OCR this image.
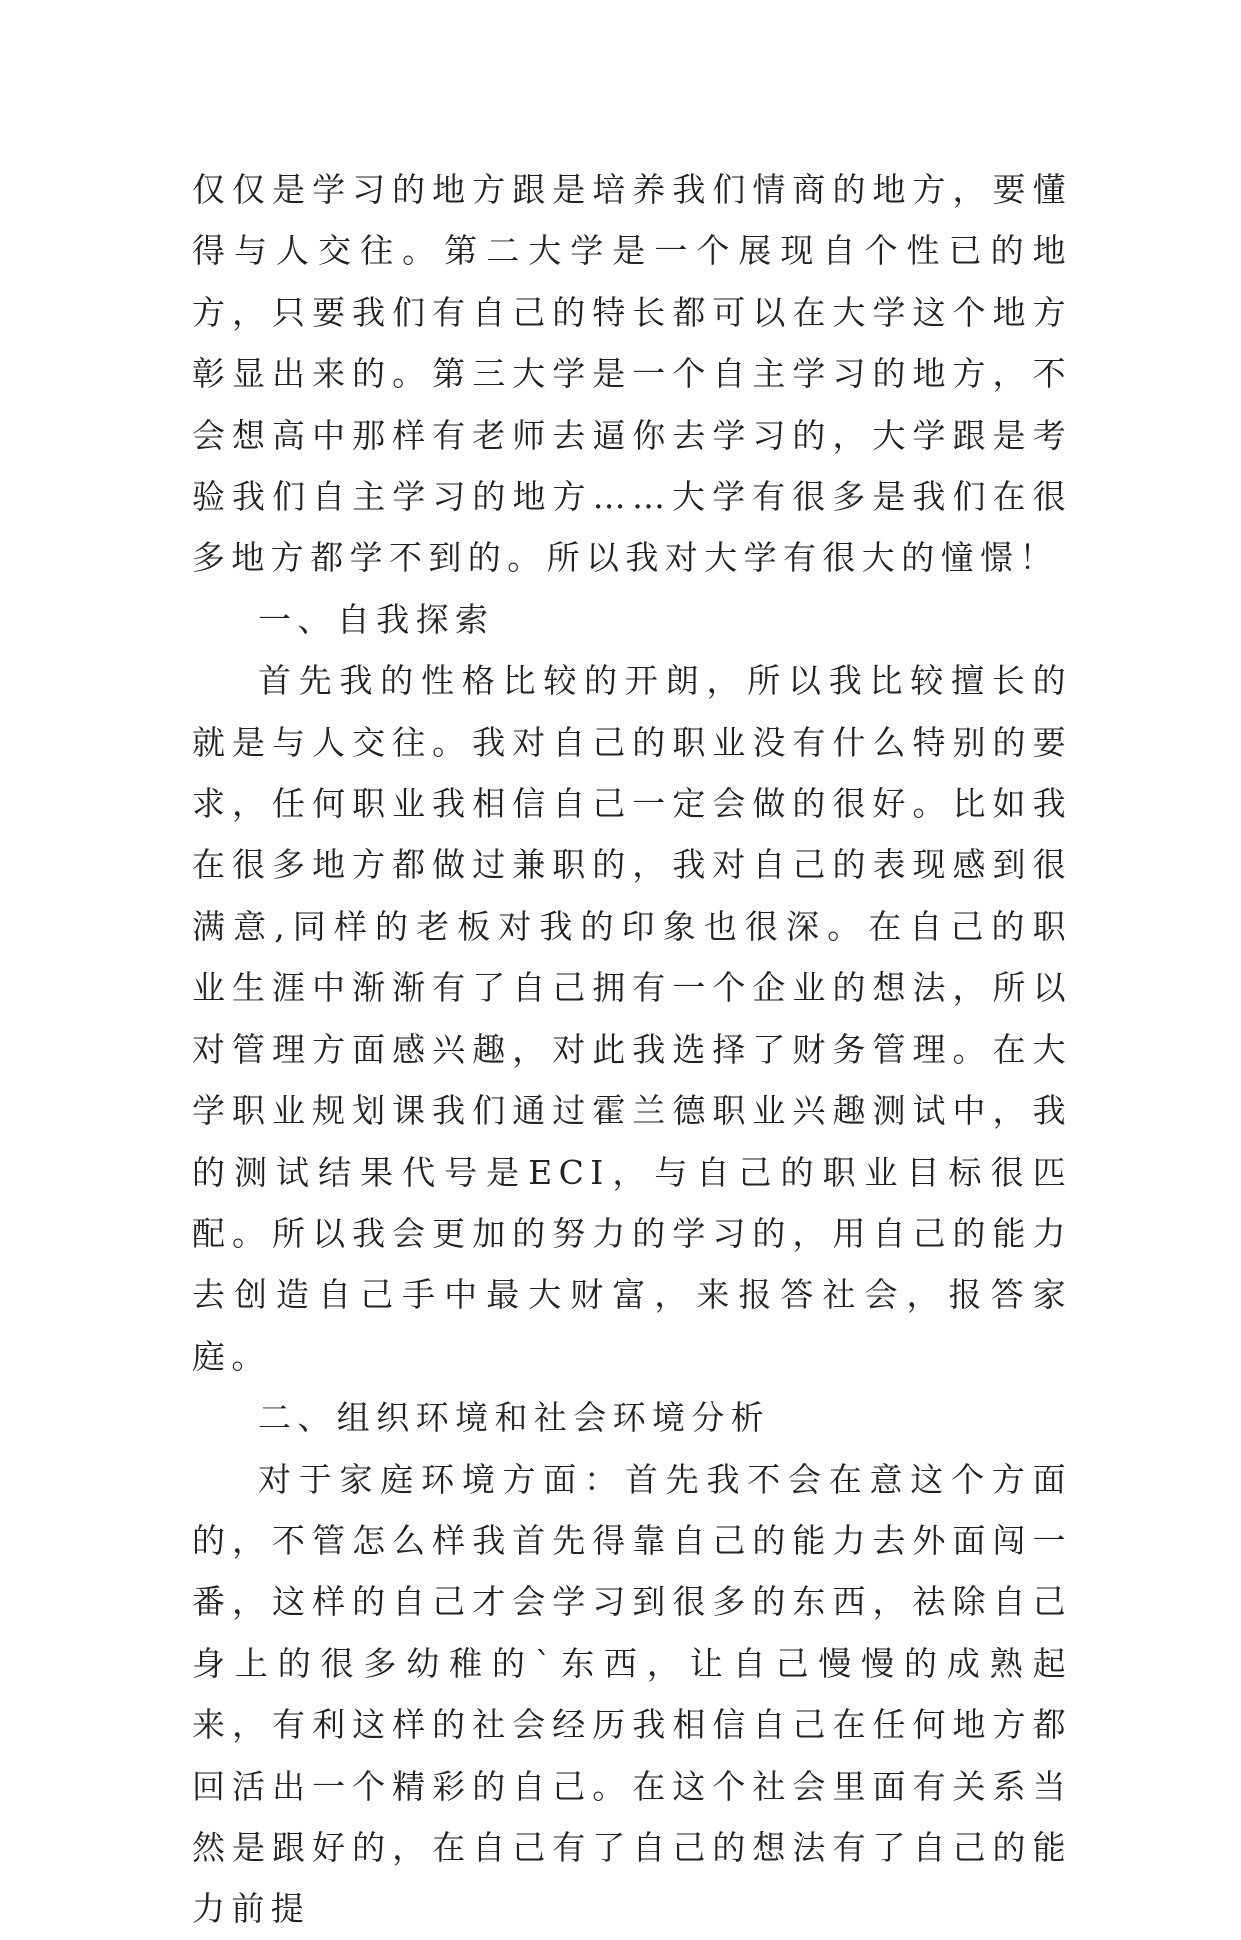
仅仅是学习的地方跟是培养我们情商的地方，要懂得与人交往。第二大学是一个展现自个性已的地方，只要我们有自己的特长都可以在大学这个地方彰显出来的。第三大学是一个自主学习的地方，不会想高中那样有老师去逼你去学习的，大学跟是考验我们自主学习的地方……大学有很多是我们在很多地方都学不到的。所以我对大学有很大的憧憬！

一、自我探索

首先我的性格比较的开朗，所以我比较擅长的就是与人交往。我对自己的职业没有什么特别的要求，任何职业我相信自己一定会做的很好。比如我在很多地方都做过兼职的，我对自己的表现感到很满意,同样的老板对我的印象也很深。在自己的职业生涯中渐渐有了自己拥有一个企业的想法，所以对管理方面感兴趣，对此我选择了财务管理。在大学职业规划课我们通过霍兰德职业兴趣测试中，我的测试结果代号是ECI，与自己的职业目标很匹配。所以我会更加的努力的学习的，用自己的能力去创造自己手中最大财富，来报答社会，报答家庭。

二、组织环境和社会环境分析

对于家庭环境方面：首先我不会在意这个方面的，不管怎么样我首先得靠自己的能力去外面闯一番，这样的自己才会学习到很多的东西，祛除自己身上的很多幼稚的`东西，让自己慢慢的成熟起来，有利这样的社会经历我相信自己在任何地方都回活出一个精彩的自己。在这个社会里面有关系当然是跟好的，在自己有了自己的想法有了自己的能力前提
